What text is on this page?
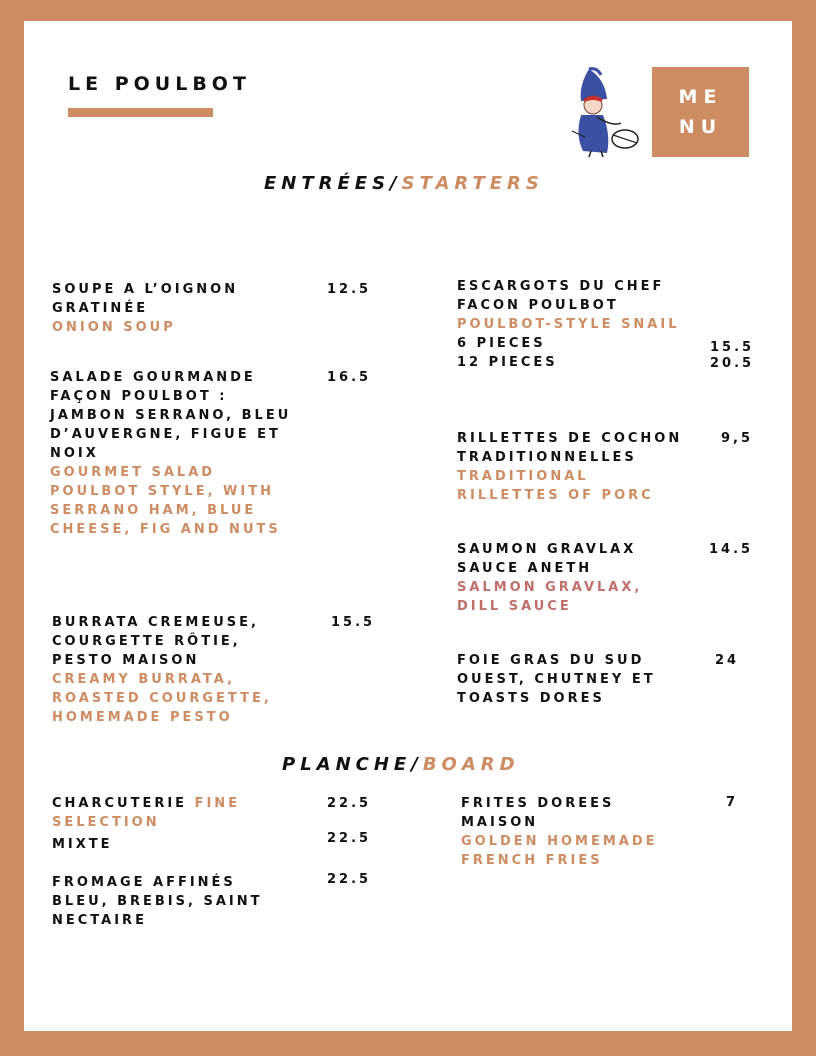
LE POULBOT
ME
NU
ENTRÉES/STARTERS
SOUPE A L’OIGNON
GRATINÉE
ONION SOUP
12.5
SALADE GOURMANDE
FAÇON POULBOT :
JAMBON SERRANO, BLEU
D’AUVERGNE, FIGUE ET
NOIX
GOURMET SALAD
POULBOT STYLE, WITH
SERRANO HAM, BLUE
CHEESE, FIG AND NUTS
16.5
BURRATA CREMEUSE,
COURGETTE RÔTIE,
PESTO MAISON
CREAMY BURRATA,
ROASTED COURGETTE,
HOMEMADE PESTO
15.5
ESCARGOTS DU CHEF
FACON POULBOT
POULBOT-STYLE SNAIL
6 PIECES
12 PIECES
15.5
20.5
RILLETTES DE COCHON
TRADITIONNELLES
TRADITIONAL
RILLETTES OF PORC
9,5
SAUMON GRAVLAX
SAUCE ANETH
SALMON GRAVLAX,
DILL SAUCE
14.5
FOIE GRAS DU SUD
OUEST, CHUTNEY ET
TOASTS DORES
24
PLANCHE/BOARD
CHARCUTERIE FINE
SELECTION
22.5
MIXTE	22.5
FROMAGE AFFINÉS
BLEU, BREBIS, SAINT
NECTAIRE
22.5
FRITES DOREES
MAISON
GOLDEN HOMEMADE
FRENCH FRIES
7
